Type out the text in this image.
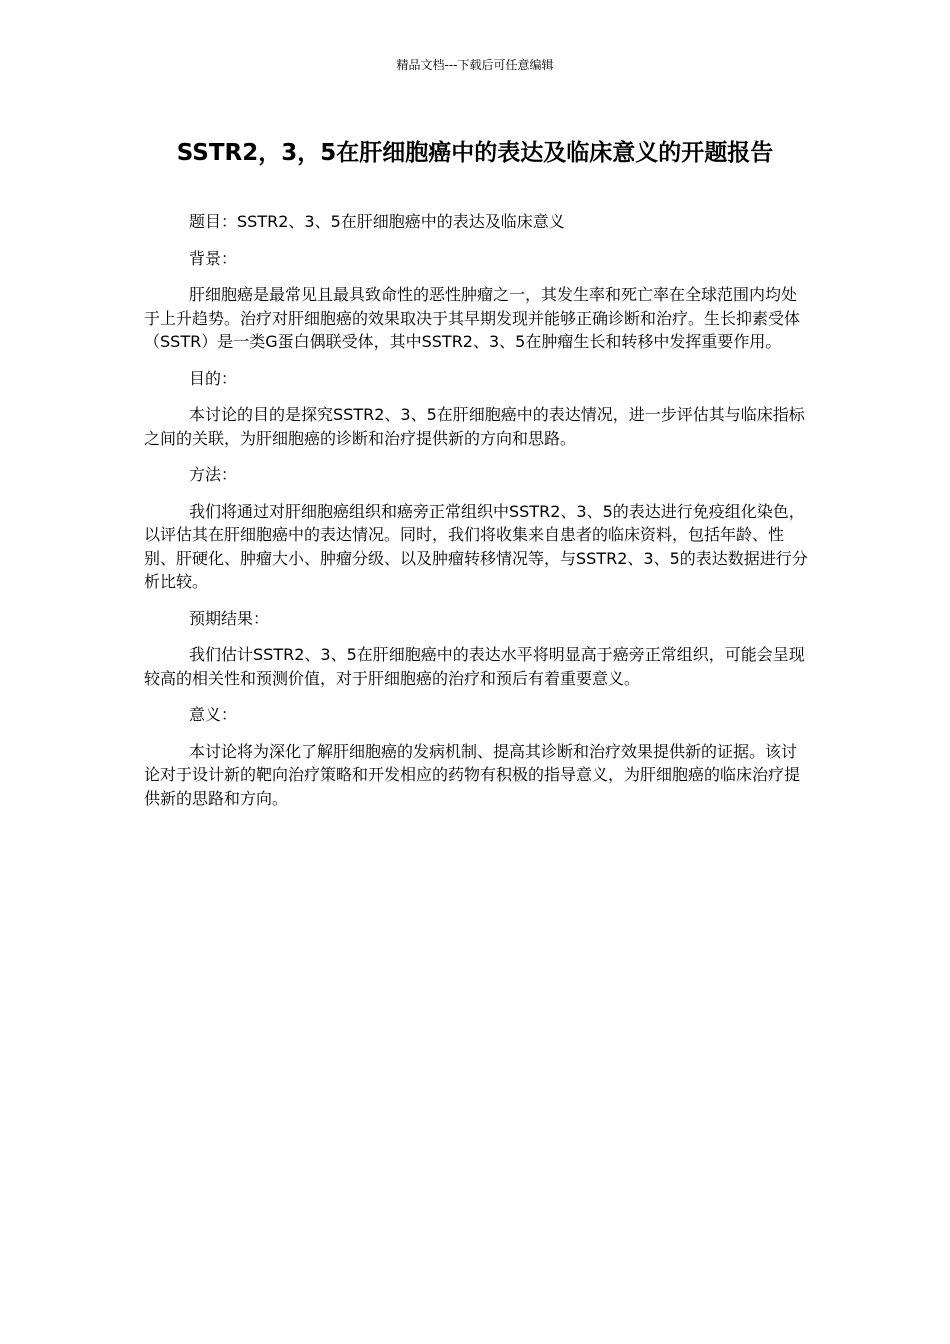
精品文档---下载后可任意编辑
SSTR2，3，5在肝细胞癌中的表达及临床意义的开题报告

题目：SSTR2、3、5在肝细胞癌中的表达及临床意义

背景：

肝细胞癌是最常见且最具致命性的恶性肿瘤之一，其发生率和死亡率在全球范围内均处于上升趋势。治疗对肝细胞癌的效果取决于其早期发现并能够正确诊断和治疗。生长抑素受体（SSTR）是一类G蛋白偶联受体，其中SSTR2、3、5在肿瘤生长和转移中发挥重要作用。

目的：

本讨论的目的是探究SSTR2、3、5在肝细胞癌中的表达情况，进一步评估其与临床指标之间的关联，为肝细胞癌的诊断和治疗提供新的方向和思路。

方法：

我们将通过对肝细胞癌组织和癌旁正常组织中SSTR2、3、5的表达进行免疫组化染色，以评估其在肝细胞癌中的表达情况。同时，我们将收集来自患者的临床资料，包括年龄、性别、肝硬化、肿瘤大小、肿瘤分级、以及肿瘤转移情况等，与SSTR2、3、5的表达数据进行分析比较。

预期结果：

我们估计SSTR2、3、5在肝细胞癌中的表达水平将明显高于癌旁正常组织，可能会呈现较高的相关性和预测价值，对于肝细胞癌的治疗和预后有着重要意义。

意义：

本讨论将为深化了解肝细胞癌的发病机制、提高其诊断和治疗效果提供新的证据。该讨论对于设计新的靶向治疗策略和开发相应的药物有积极的指导意义，为肝细胞癌的临床治疗提供新的思路和方向。
